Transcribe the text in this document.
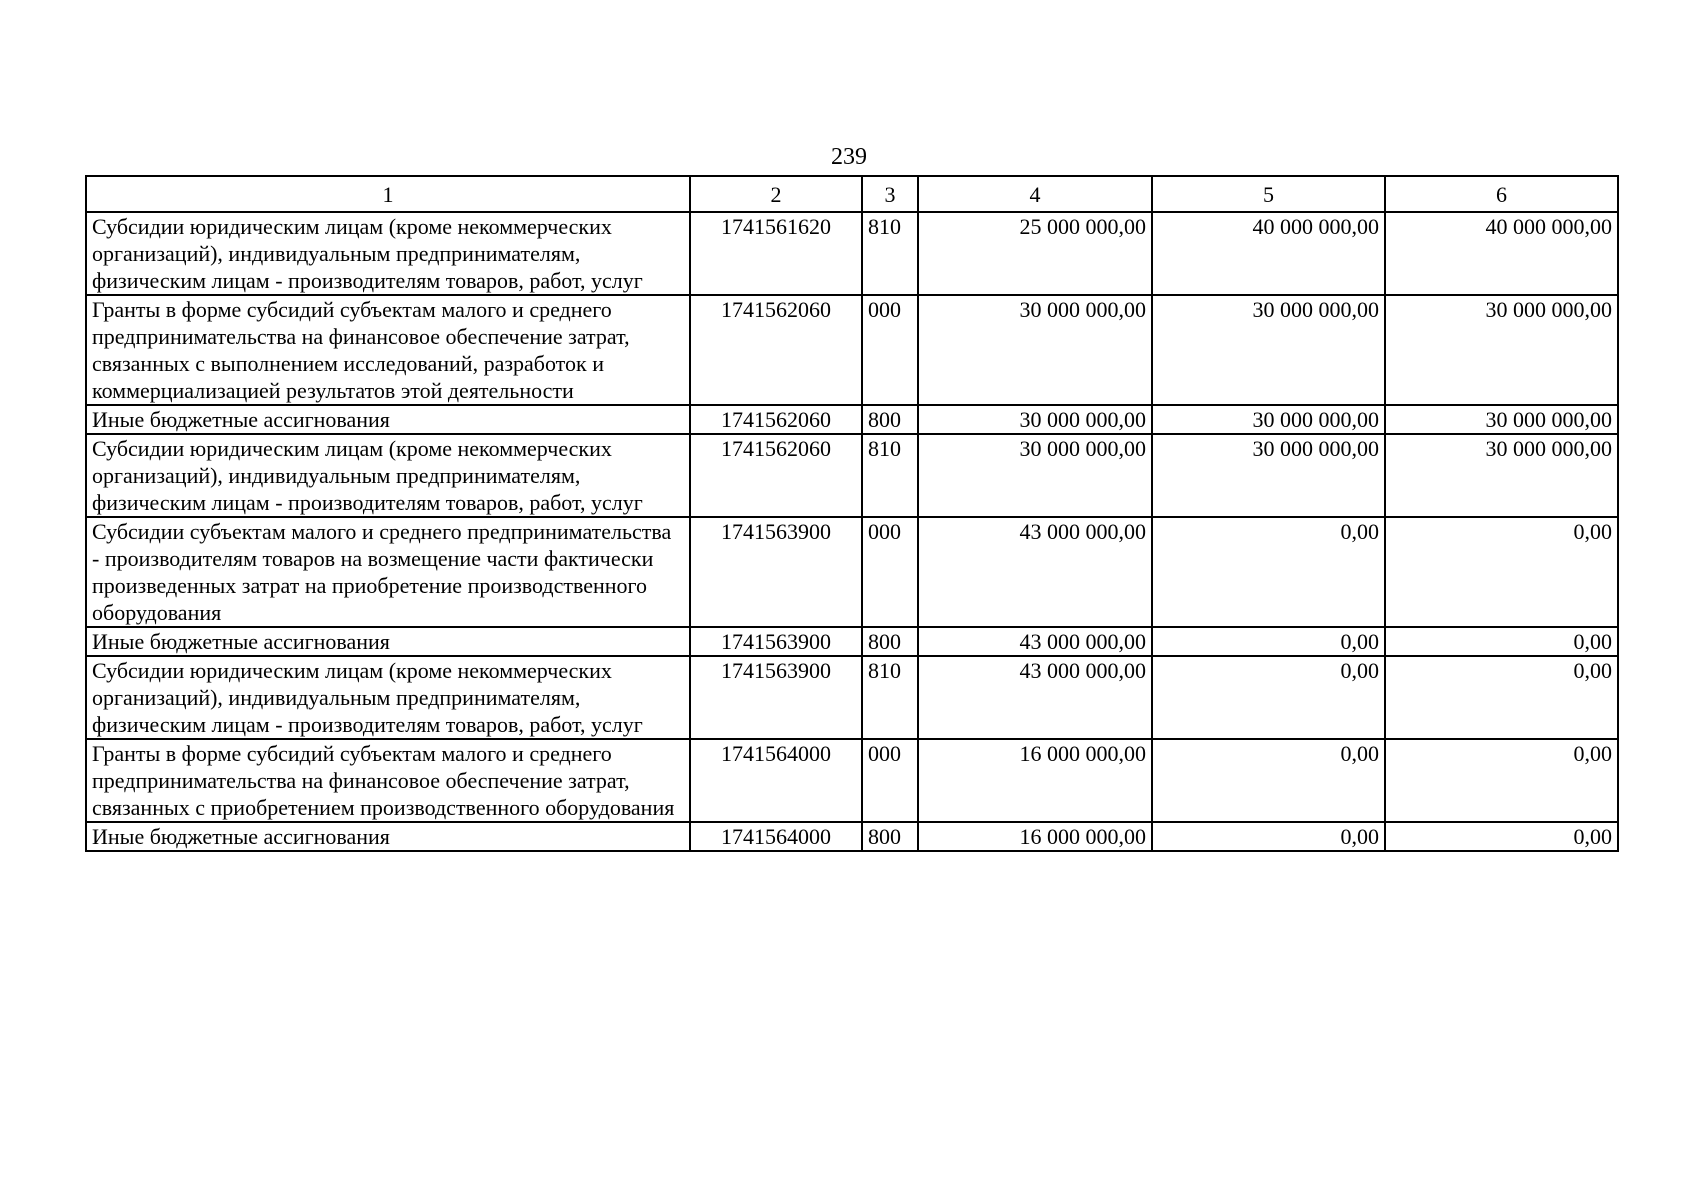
239
1	2	3	4	5	6
Субсидии юридическим лицам (кроме некоммерческих организаций), индивидуальным предпринимателям, физическим лицам - производителям товаров, работ, услуг	1741561620	810	25 000 000,00	40 000 000,00	40 000 000,00
Гранты в форме субсидий субъектам малого и среднего предпринимательства на финансовое обеспечение затрат, связанных с выполнением исследований, разработок и коммерциализацией результатов этой деятельности	1741562060	000	30 000 000,00	30 000 000,00	30 000 000,00
Иные бюджетные ассигнования	1741562060	800	30 000 000,00	30 000 000,00	30 000 000,00
Субсидии юридическим лицам (кроме некоммерческих организаций), индивидуальным предпринимателям, физическим лицам - производителям товаров, работ, услуг	1741562060	810	30 000 000,00	30 000 000,00	30 000 000,00
Субсидии субъектам малого и среднего предпринимательства - производителям товаров на возмещение части фактически произведенных затрат на приобретение производственного оборудования	1741563900	000	43 000 000,00	0,00	0,00
Иные бюджетные ассигнования	1741563900	800	43 000 000,00	0,00	0,00
Субсидии юридическим лицам (кроме некоммерческих организаций), индивидуальным предпринимателям, физическим лицам - производителям товаров, работ, услуг	1741563900	810	43 000 000,00	0,00	0,00
Гранты в форме субсидий субъектам малого и среднего предпринимательства на финансовое обеспечение затрат, связанных с приобретением производственного оборудования	1741564000	000	16 000 000,00	0,00	0,00
Иные бюджетные ассигнования	1741564000	800	16 000 000,00	0,00	0,00
